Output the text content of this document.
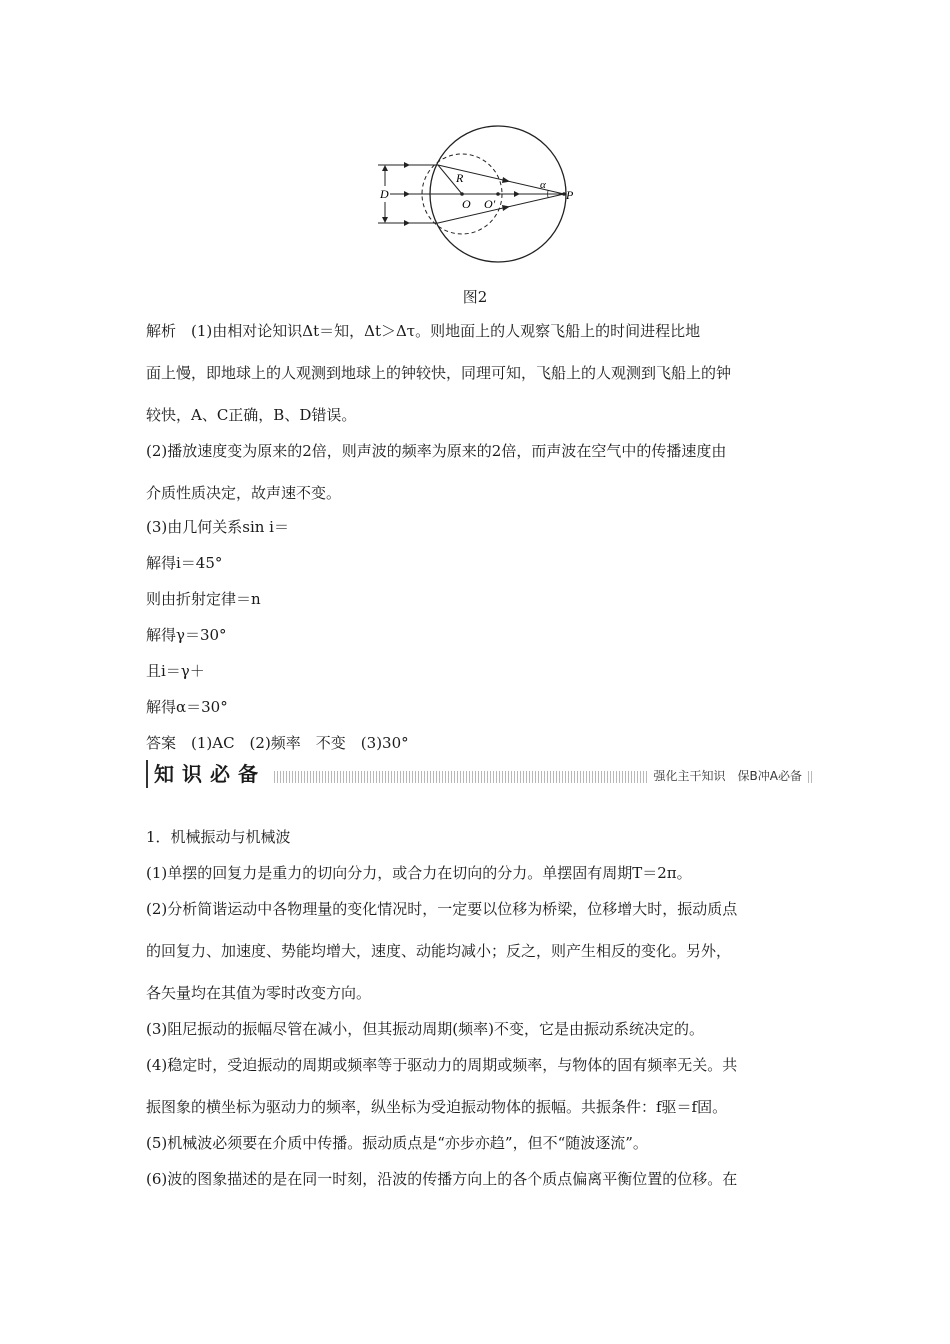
D
R
O O′
α
P
图2
解析　(1)由相对论知识Δt＝知，Δt＞Δτ。则地面上的人观察飞船上的时间进程比地
面上慢，即地球上的人观测到地球上的钟较快，同理可知，飞船上的人观测到飞船上的钟
较快，A、C正确，B、D错误。
(2)播放速度变为原来的2倍，则声波的频率为原来的2倍，而声波在空气中的传播速度由
介质性质决定，故声速不变。
(3)由几何关系sin i＝
解得i＝45°
则由折射定律＝n
解得γ＝30°
且i＝γ＋
解得α＝30°
答案　(1)AC　(2)频率　不变　(3)30°
知识必备	强化主干知识　保B冲A必备
1．机械振动与机械波
(1)单摆的回复力是重力的切向分力，或合力在切向的分力。单摆固有周期T＝2π。
(2)分析简谐运动中各物理量的变化情况时，一定要以位移为桥梁，位移增大时，振动质点
的回复力、加速度、势能均增大，速度、动能均减小；反之，则产生相反的变化。另外，
各矢量均在其值为零时改变方向。
(3)阻尼振动的振幅尽管在减小，但其振动周期(频率)不变，它是由振动系统决定的。
(4)稳定时，受迫振动的周期或频率等于驱动力的周期或频率，与物体的固有频率无关。共
振图象的横坐标为驱动力的频率，纵坐标为受迫振动物体的振幅。共振条件：f驱＝f固。
(5)机械波必须要在介质中传播。振动质点是“亦步亦趋”，但不“随波逐流”。
(6)波的图象描述的是在同一时刻，沿波的传播方向上的各个质点偏离平衡位置的位移。在
